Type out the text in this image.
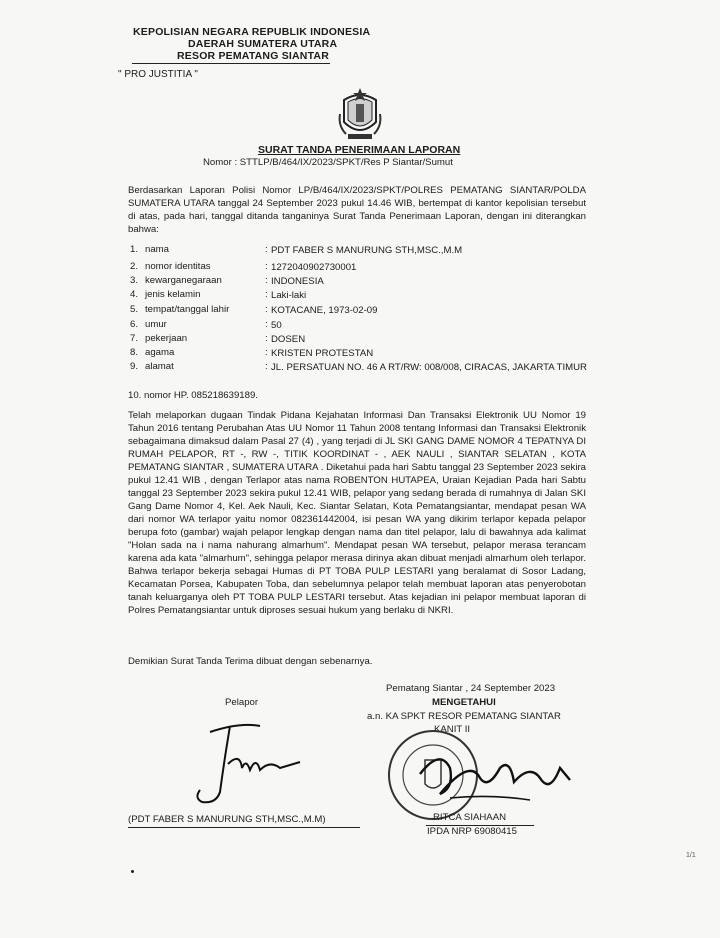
KEPOLISIAN NEGARA REPUBLIK INDONESIA
DAERAH SUMATERA UTARA
RESOR PEMATANG SIANTAR
" PRO JUSTITIA "
SURAT TANDA PENERIMAAN LAPORAN
Nomor : STTLP/B/464/IX/2023/SPKT/Res P Siantar/Sumut
Berdasarkan Laporan Polisi Nomor LP/B/464/IX/2023/SPKT/POLRES PEMATANG SIANTAR/POLDA SUMATERA UTARA tanggal 24 September 2023 pukul 14.46 WIB, bertempat di kantor kepolisian tersebut di atas, pada hari, tanggal ditanda tanganinya Surat Tanda Penerimaan Laporan, dengan ini diterangkan bahwa:
1. nama	: PDT FABER S MANURUNG STH,MSC.,M.M
2. nomor identitas	: 1272040902730001
3. kewarganegaraan	: INDONESIA
4. jenis kelamin	: Laki-laki
5. tempat/tanggal lahir	: KOTACANE, 1973-02-09
6. umur	: 50
7. pekerjaan	: DOSEN
8. agama	: KRISTEN PROTESTAN
9. alamat	: JL. PERSATUAN NO. 46 A RT/RW: 008/008, CIRACAS, JAKARTA TIMUR
10. nomor HP. 085218639189.
Telah melaporkan dugaan Tindak Pidana Kejahatan Informasi Dan Transaksi Elektronik UU Nomor 19 Tahun 2016 tentang Perubahan Atas UU Nomor 11 Tahun 2008 tentang Informasi dan Transaksi Elektronik sebagaimana dimaksud dalam Pasal 27 (4) , yang terjadi di JL SKI GANG DAME NOMOR 4 TEPATNYA DI RUMAH PELAPOR, RT -, RW -, TITIK KOORDINAT - , AEK NAULI , SIANTAR SELATAN , KOTA PEMATANG SIANTAR , SUMATERA UTARA . Diketahui pada hari Sabtu tanggal 23 September 2023 sekira pukul 12.41 WIB , dengan Terlapor atas nama ROBENTON HUTAPEA, Uraian Kejadian Pada hari Sabtu tanggal 23 September 2023 sekira pukul 12.41 WIB, pelapor yang sedang berada di rumahnya di Jalan SKI Gang Dame Nomor 4, Kel. Aek Nauli, Kec. Siantar Selatan, Kota Pematangsiantar, mendapat pesan WA dari nomor WA terlapor yaitu nomor 082361442004, isi pesan WA yang dikirim terlapor kepada pelapor berupa foto (gambar) wajah pelapor lengkap dengan nama dan titel pelapor, lalu di bawahnya ada kalimat "Holan sada na i nama nahurang almarhum". Mendapat pesan WA tersebut, pelapor merasa terancam karena ada kata "almarhum", sehingga pelapor merasa dirinya akan dibuat menjadi almarhum oleh terlapor. Bahwa terlapor bekerja sebagai Humas di PT TOBA PULP LESTARI yang beralamat di Sosor Ladang, Kecamatan Porsea, Kabupaten Toba, dan sebelumnya pelapor telah membuat laporan atas penyerobotan tanah keluarganya oleh PT TOBA PULP LESTARI tersebut. Atas kejadian ini pelapor membuat laporan di Polres Pematangsiantar untuk diproses sesuai hukum yang berlaku di NKRI.
Demikian Surat Tanda Terima dibuat dengan sebenarnya.
Pelapor
(PDT FABER S MANURUNG STH,MSC.,M.M)
Pematang Siantar , 24 September 2023
MENGETAHUI
a.n. KA SPKT RESOR PEMATANG SIANTAR
KANIT II
RITCA SIAHAAN
IPDA NRP 69080415
1/1
